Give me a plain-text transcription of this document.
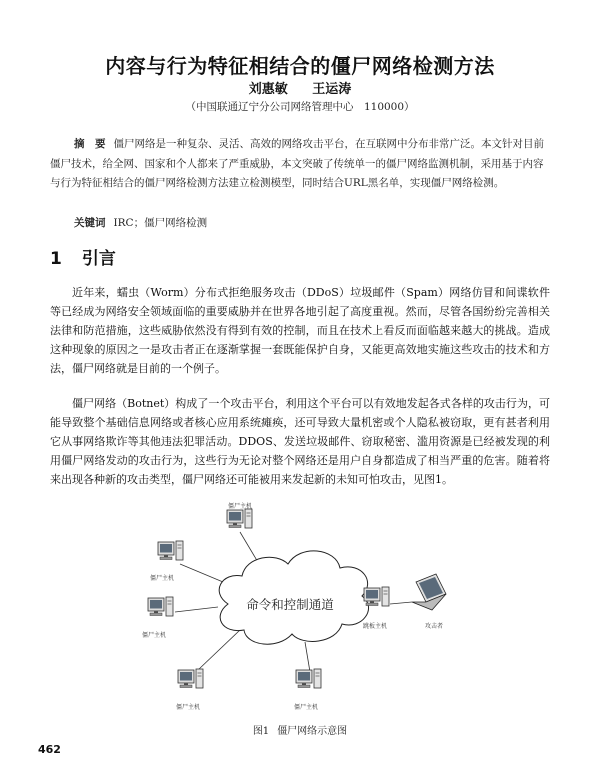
内容与行为特征相结合的僵尸网络检测方法
刘惠敏 王运涛
（中国联通辽宁分公司网络管理中心　110000）
摘　要 僵尸网络是一种复杂、灵活、高效的网络攻击平台，在互联网中分布非常广泛。本文针对目前僵尸技术，给全网、国家和个人都来了严重威胁，本文突破了传统单一的僵尸网络监测机制，采用基于内容与行为特征相结合的僵尸网络检测方法建立检测模型，同时结合URL黑名单，实现僵尸网络检测。
关键词 IRC；僵尸网络检测
1 引言

近年来，蠕虫（Worm）分布式拒绝服务攻击（DDoS）垃圾邮件（Spam）网络仿冒和间谍软件等已经成为网络安全领域面临的重要威胁并在世界各地引起了高度重视。然而，尽管各国纷纷完善相关法律和防范措施，这些威胁依然没有得到有效的控制，而且在技术上看反而面临越来越大的挑战。造成这种现象的原因之一是攻击者正在逐渐掌握一套既能保护自身，又能更高效地实施这些攻击的技术和方法，僵尸网络就是目前的一个例子。

僵尸网络（Botnet）构成了一个攻击平台，利用这个平台可以有效地发起各式各样的攻击行为，可能导致整个基础信息网络或者核心应用系统瘫痪，还可导致大量机密或个人隐私被窃取，更有甚者利用它从事网络欺诈等其他违法犯罪活动。DDOS、发送垃圾邮件、窃取秘密、滥用资源是已经被发现的利用僵尸网络发动的攻击行为，这些行为无论对整个网络还是用户自身都造成了相当严重的危害。随着将来出现各种新的攻击类型，僵尸网络还可能被用来发起新的未知可怕攻击，见图1。

命令和控制通道
僵尸主机
僵尸主机
僵尸主机
僵尸主机	僵尸主机
跳板主机	攻击者
图1 僵尸网络示意图
462
